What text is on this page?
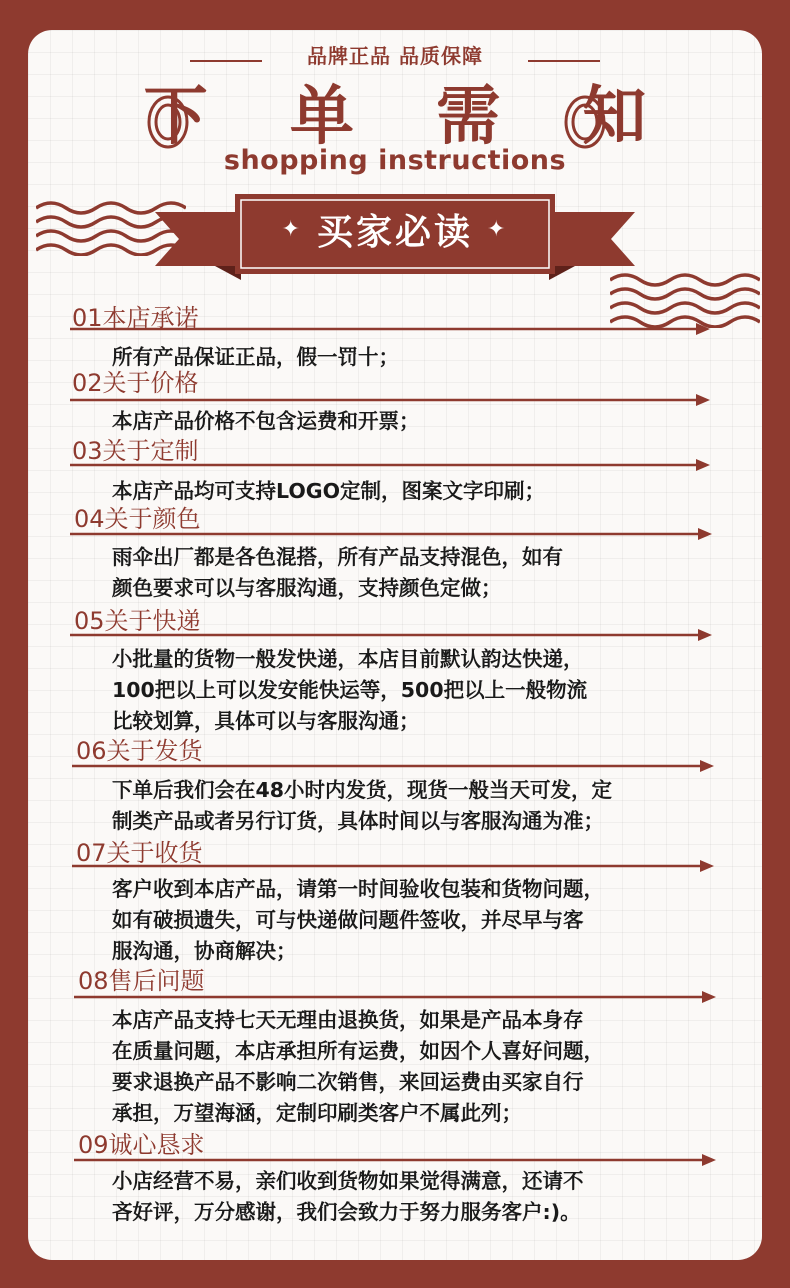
品牌正品 品质保障
下 单 需 知
shopping instructions
✦ 买家必读 ✦
01本店承诺
所有产品保证正品，假一罚十；
02关于价格
本店产品价格不包含运费和开票；
03关于定制
本店产品均可支持LOGO定制，图案文字印刷；
04关于颜色
雨伞出厂都是各色混搭，所有产品支持混色，如有
颜色要求可以与客服沟通，支持颜色定做；
05关于快递
小批量的货物一般发快递，本店目前默认韵达快递，
100把以上可以发安能快运等，500把以上一般物流
比较划算，具体可以与客服沟通；
06关于发货
下单后我们会在48小时内发货，现货一般当天可发，定
制类产品或者另行订货，具体时间以与客服沟通为准；
07关于收货
客户收到本店产品，请第一时间验收包装和货物问题，
如有破损遗失，可与快递做问题件签收，并尽早与客
服沟通，协商解决；
08售后问题
本店产品支持七天无理由退换货，如果是产品本身存
在质量问题，本店承担所有运费，如因个人喜好问题，
要求退换产品不影响二次销售，来回运费由买家自行
承担，万望海涵，定制印刷类客户不属此列；
09诚心恳求
小店经营不易，亲们收到货物如果觉得满意，还请不
吝好评，万分感谢，我们会致力于努力服务客户:)。
